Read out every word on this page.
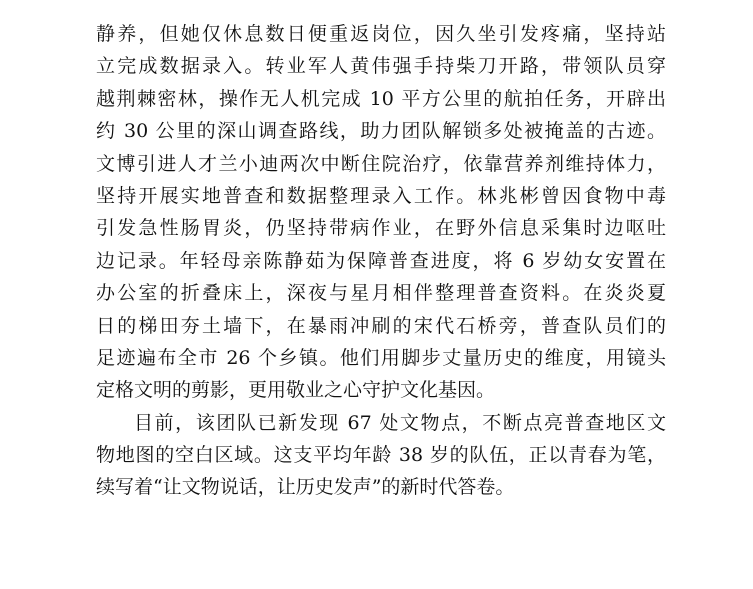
静养，但她仅休息数日便重返岗位，因久坐引发疼痛，坚持站
立完成数据录入。转业军人黄伟强手持柴刀开路，带领队员穿
越荆棘密林，操作无人机完成 10 平方公里的航拍任务，开辟出
约 30 公里的深山调查路线，助力团队解锁多处被掩盖的古迹。
文博引进人才兰小迪两次中断住院治疗，依靠营养剂维持体力，
坚持开展实地普查和数据整理录入工作。林兆彬曾因食物中毒
引发急性肠胃炎，仍坚持带病作业，在野外信息采集时边呕吐
边记录。年轻母亲陈静茹为保障普查进度，将 6 岁幼女安置在
办公室的折叠床上，深夜与星月相伴整理普查资料。在炎炎夏
日的梯田夯土墙下，在暴雨冲刷的宋代石桥旁，普查队员们的
足迹遍布全市 26 个乡镇。他们用脚步丈量历史的维度，用镜头
定格文明的剪影，更用敬业之心守护文化基因。
目前，该团队已新发现 67 处文物点，不断点亮普查地区文
物地图的空白区域。这支平均年龄 38 岁的队伍，正以青春为笔，
续写着“让文物说话，让历史发声”的新时代答卷。
